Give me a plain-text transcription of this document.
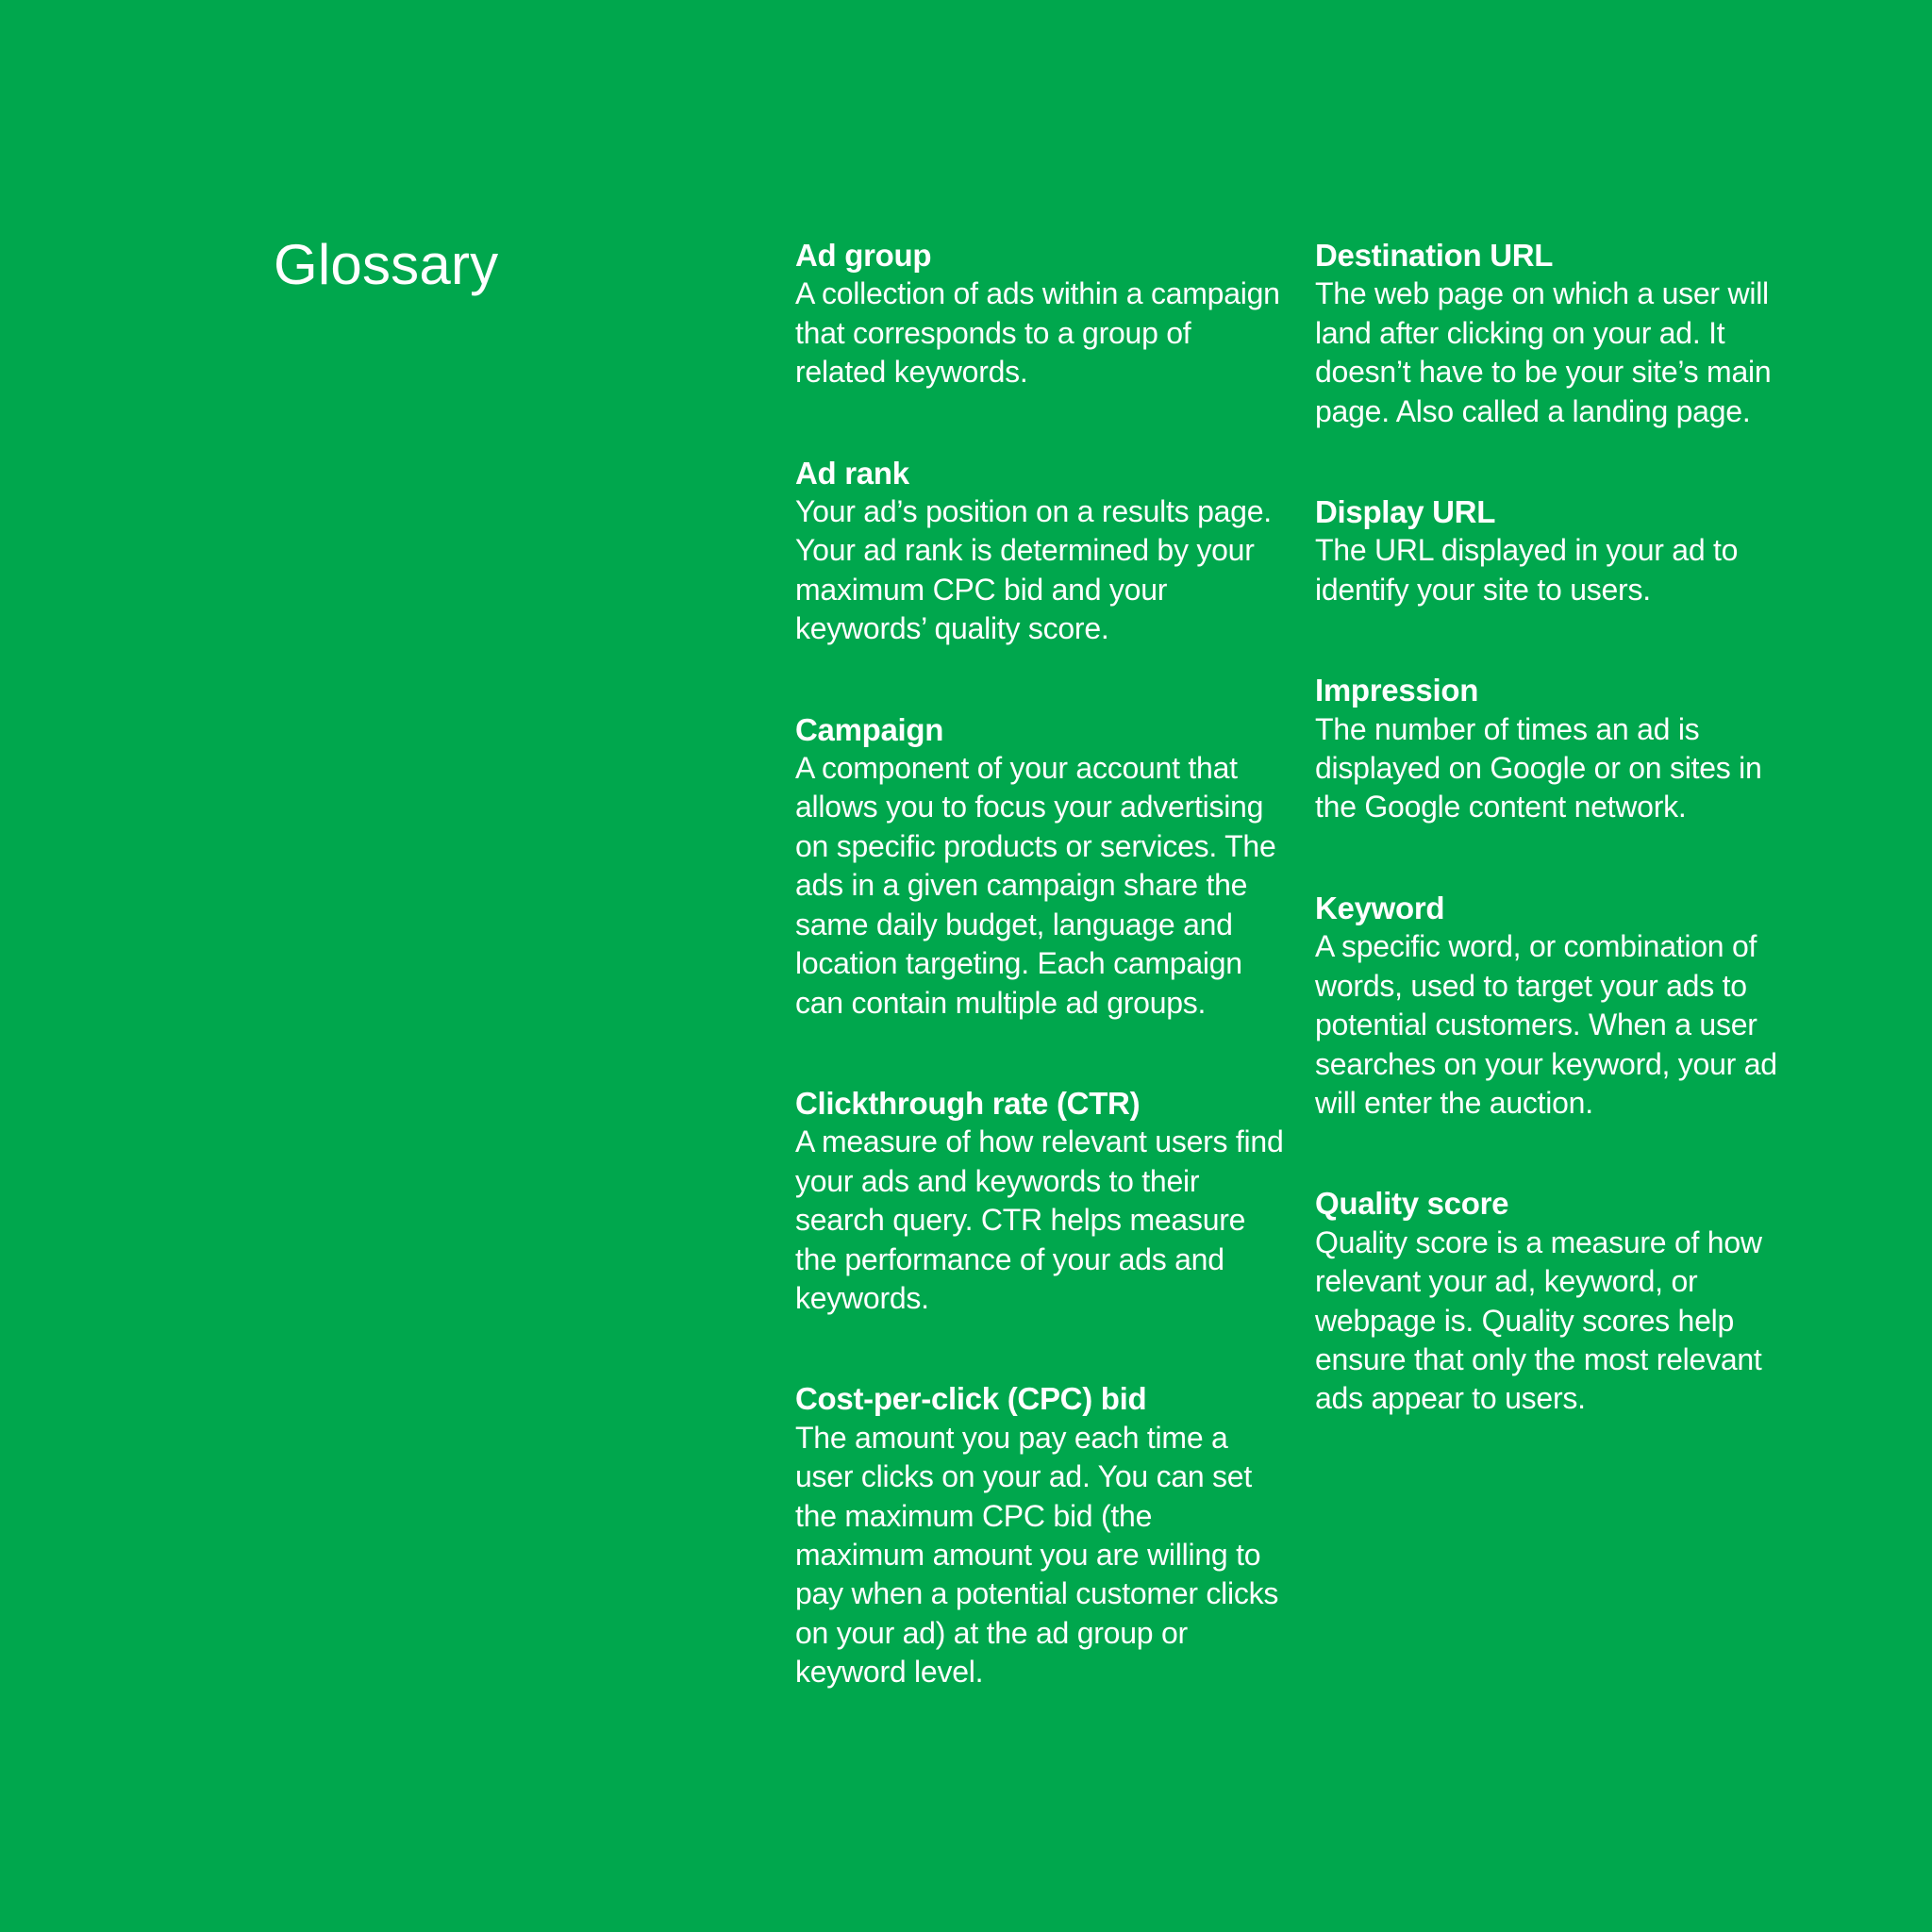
Glossary	Ad group
A collection of ads within a campaign that corresponds to a group of related keywords.
Ad rank
Your ad’s position on a results page. Your ad rank is determined by your maximum CPC bid and your keywords’ quality score.
Campaign
A component of your account that allows you to focus your advertising on specific products or services. The ads in a given campaign share the same daily budget, language and location targeting. Each campaign can contain multiple ad groups.
Clickthrough rate (CTR)
A measure of how relevant users find your ads and keywords to their search query. CTR helps measure the performance of your ads and keywords.
Cost-per-click (CPC) bid
The amount you pay each time a user clicks on your ad. You can set the maximum CPC bid (the maximum amount you are willing to pay when a potential customer clicks on your ad) at the ad group or keyword level.
Destination URL
The web page on which a user will land after clicking on your ad. It doesn’t have to be your site’s main page. Also called a landing page.
Display URL
The URL displayed in your ad to identify your site to users.
Impression
The number of times an ad is displayed on Google or on sites in the Google content network.
Keyword
A specific word, or combination of words, used to target your ads to potential customers. When a user searches on your keyword, your ad will enter the auction.
Quality score
Quality score is a measure of how relevant your ad, keyword, or webpage is. Quality scores help ensure that only the most relevant ads appear to users.
